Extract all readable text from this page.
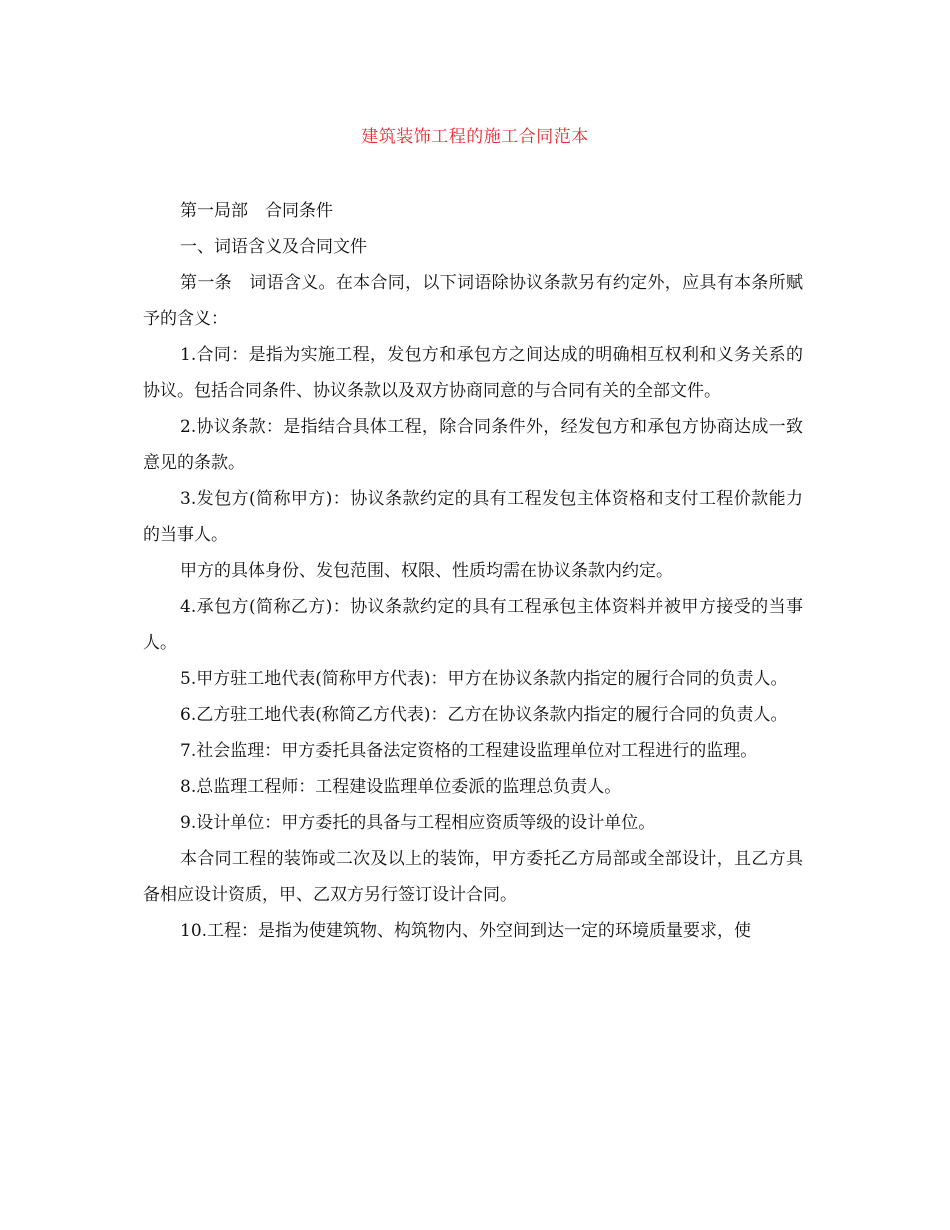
建筑装饰工程的施工合同范本

第一局部　合同条件

一、词语含义及合同文件

第一条　词语含义。在本合同，以下词语除协议条款另有约定外，应具有本条所赋予的含义：

1.合同：是指为实施工程，发包方和承包方之间达成的明确相互权利和义务关系的协议。包括合同条件、协议条款以及双方协商同意的与合同有关的全部文件。

2.协议条款：是指结合具体工程，除合同条件外，经发包方和承包方协商达成一致意见的条款。

3.发包方(简称甲方)：协议条款约定的具有工程发包主体资格和支付工程价款能力的当事人。

甲方的具体身份、发包范围、权限、性质均需在协议条款内约定。

4.承包方(简称乙方)：协议条款约定的具有工程承包主体资料并被甲方接受的当事人。

5.甲方驻工地代表(简称甲方代表)：甲方在协议条款内指定的履行合同的负责人。

6.乙方驻工地代表(称简乙方代表)：乙方在协议条款内指定的履行合同的负责人。

7.社会监理：甲方委托具备法定资格的工程建设监理单位对工程进行的监理。

8.总监理工程师：工程建设监理单位委派的监理总负责人。

9.设计单位：甲方委托的具备与工程相应资质等级的设计单位。

本合同工程的装饰或二次及以上的装饰，甲方委托乙方局部或全部设计，且乙方具备相应设计资质，甲、乙双方另行签订设计合同。

10.工程：是指为使建筑物、构筑物内、外空间到达一定的环境质量要求，使
